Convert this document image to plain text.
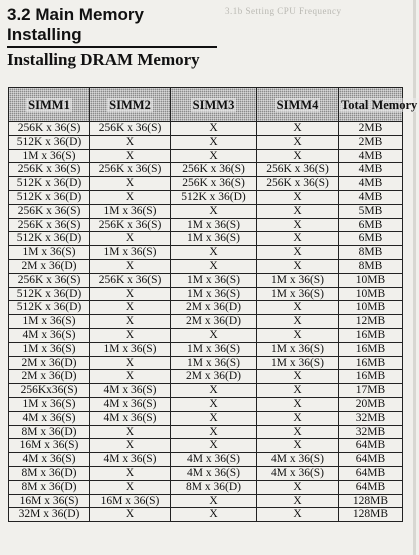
3.1b Setting CPU Frequency
3.2 Main Memory Installing
Installing DRAM Memory
SIMM1	SIMM2	SIMM3	SIMM4	Total Memory
256K x 36(S)	256K x 36(S)	X	X	2MB
512K x 36(D)	X	X	X	2MB
1M x 36(S)	X	X	X	4MB
256K x 36(S)	256K x 36(S)	256K x 36(S)	256K x 36(S)	4MB
512K x 36(D)	X	256K x 36(S)	256K x 36(S)	4MB
512K x 36(D)	X	512K x 36(D)	X	4MB
256K x 36(S)	1M x 36(S)	X	X	5MB
256K x 36(S)	256K x 36(S)	1M x 36(S)	X	6MB
512K x 36(D)	X	1M x 36(S)	X	6MB
1M x 36(S)	1M x 36(S)	X	X	8MB
2M x 36(D)	X	X	X	8MB
256K x 36(S)	256K x 36(S)	1M x 36(S)	1M x 36(S)	10MB
512K x 36(D)	X	1M x 36(S)	1M x 36(S)	10MB
512K x 36(D)	X	2M x 36(D)	X	10MB
1M x 36(S)	X	2M x 36(D)	X	12MB
4M x 36(S)	X	X	X	16MB
1M x 36(S)	1M x 36(S)	1M x 36(S)	1M x 36(S)	16MB
2M x 36(D)	X	1M x 36(S)	1M x 36(S)	16MB
2M x 36(D)	X	2M x 36(D)	X	16MB
256Kx36(S)	4M x 36(S)	X	X	17MB
1M x 36(S)	4M x 36(S)	X	X	20MB
4M x 36(S)	4M x 36(S)	X	X	32MB
8M x 36(D)	X	X	X	32MB
16M x 36(S)	X	X	X	64MB
4M x 36(S)	4M x 36(S)	4M x 36(S)	4M x 36(S)	64MB
8M x 36(D)	X	4M x 36(S)	4M x 36(S)	64MB
8M x 36(D)	X	8M x 36(D)	X	64MB
16M x 36(S)	16M x 36(S)	X	X	128MB
32M x 36(D)	X	X	X	128MB
